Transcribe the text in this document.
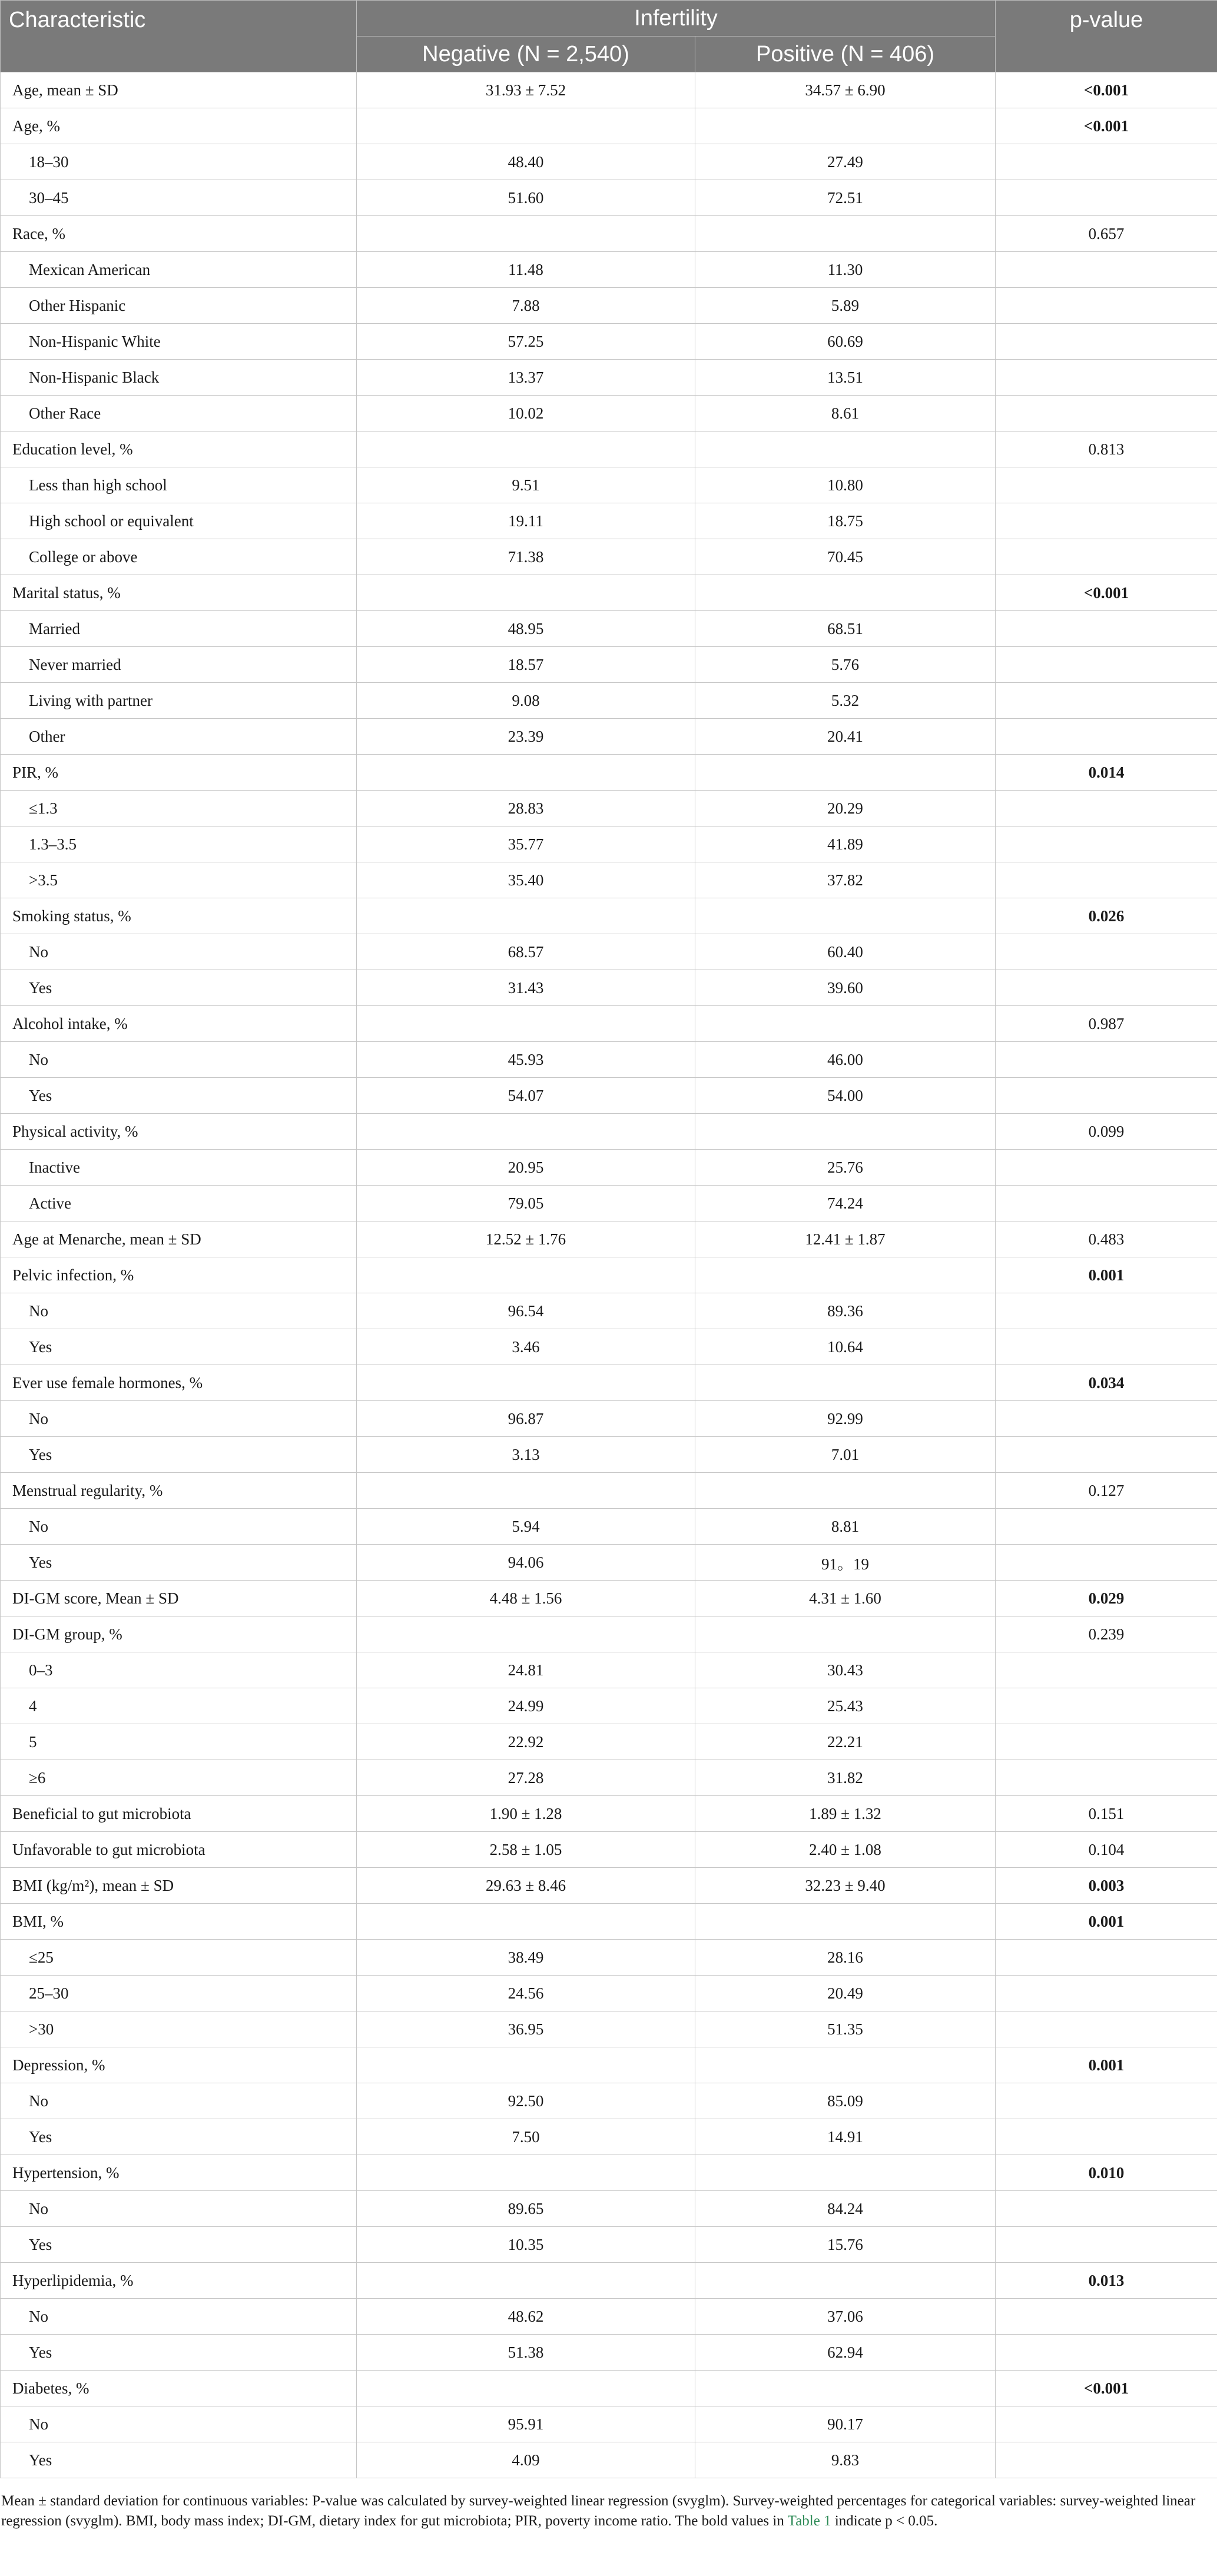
Characteristic	Infertility		p-value
	Negative (N = 2,540)	Positive (N = 406)	
Age, mean ± SD	31.93 ± 7.52	34.57 ± 6.90	<0.001
Age, %			<0.001
18–30	48.40	27.49	
30–45	51.60	72.51	
Race, %			0.657
Mexican American	11.48	11.30	
Other Hispanic	7.88	5.89	
Non-Hispanic White	57.25	60.69	
Non-Hispanic Black	13.37	13.51	
Other Race	10.02	8.61	
Education level, %			0.813
Less than high school	9.51	10.80	
High school or equivalent	19.11	18.75	
College or above	71.38	70.45	
Marital status, %			<0.001
Married	48.95	68.51	
Never married	18.57	5.76	
Living with partner	9.08	5.32	
Other	23.39	20.41	
PIR, %			0.014
≤1.3	28.83	20.29	
1.3–3.5	35.77	41.89	
>3.5	35.40	37.82	
Smoking status, %			0.026
No	68.57	60.40	
Yes	31.43	39.60	
Alcohol intake, %			0.987
No	45.93	46.00	
Yes	54.07	54.00	
Physical activity, %			0.099
Inactive	20.95	25.76	
Active	79.05	74.24	
Age at Menarche, mean ± SD	12.52 ± 1.76	12.41 ± 1.87	0.483
Pelvic infection, %			0.001
No	96.54	89.36	
Yes	3.46	10.64	
Ever use female hormones, %			0.034
No	96.87	92.99	
Yes	3.13	7.01	
Menstrual regularity, %			0.127
No	5.94	8.81	
Yes	94.06	91。19	
DI-GM score, Mean ± SD	4.48 ± 1.56	4.31 ± 1.60	0.029
DI-GM group, %			0.239
0–3	24.81	30.43	
4	24.99	25.43	
5	22.92	22.21	
≥6	27.28	31.82	
Beneficial to gut microbiota	1.90 ± 1.28	1.89 ± 1.32	0.151
Unfavorable to gut microbiota	2.58 ± 1.05	2.40 ± 1.08	0.104
BMI (kg/m²), mean ± SD	29.63 ± 8.46	32.23 ± 9.40	0.003
BMI, %			0.001
≤25	38.49	28.16	
25–30	24.56	20.49	
>30	36.95	51.35	
Depression, %			0.001
No	92.50	85.09	
Yes	7.50	14.91	
Hypertension, %			0.010
No	89.65	84.24	
Yes	10.35	15.76	
Hyperlipidemia, %			0.013
No	48.62	37.06	
Yes	51.38	62.94	
Diabetes, %			<0.001
No	95.91	90.17	
Yes	4.09	9.83	
Mean ± standard deviation for continuous variables: P-value was calculated by survey-weighted linear regression (svyglm). Survey-weighted percentages for categorical variables: survey-weighted linear regression (svyglm). BMI, body mass index; DI-GM, dietary index for gut microbiota; PIR, poverty income ratio. The bold values in Table 1 indicate p < 0.05.
